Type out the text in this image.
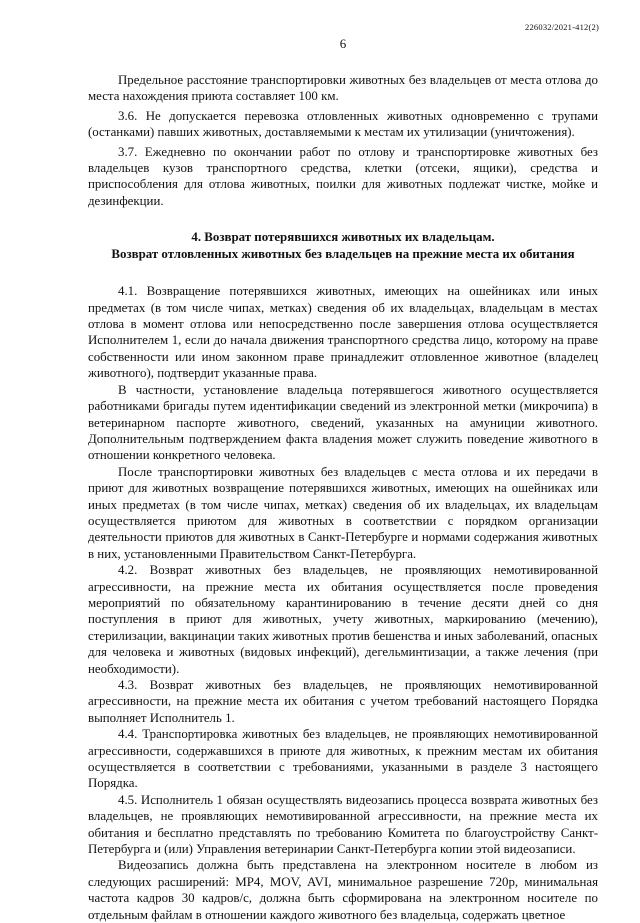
226032/2021-412(2)
6

Предельное расстояние транспортировки животных без владельцев от места отлова до места нахождения приюта составляет 100 км.

3.6. Не допускается перевозка отловленных животных одновременно с трупами (останками) павших животных, доставляемыми к местам их утилизации (уничтожения).

3.7. Ежедневно по окончании работ по отлову и транспортировке животных без владельцев кузов транспортного средства, клетки (отсеки, ящики), средства и приспособления для отлова животных, поилки для животных подлежат чистке, мойке и дезинфекции.

4. Возврат потерявшихся животных их владельцам.
Возврат отловленных животных без владельцев на прежние места их обитания

4.1. Возвращение потерявшихся животных, имеющих на ошейниках или иных предметах (в том числе чипах, метках) сведения об их владельцах, владельцам в местах отлова в момент отлова или непосредственно после завершения отлова осуществляется Исполнителем 1, если до начала движения транспортного средства лицо, которому на праве собственности или ином законном праве принадлежит отловленное животное (владелец животного), подтвердит указанные права.

В частности, установление владельца потерявшегося животного осуществляется работниками бригады путем идентификации сведений из электронной метки (микрочипа) в ветеринарном паспорте животного, сведений, указанных на амуниции животного. Дополнительным подтверждением факта владения может служить поведение животного в отношении конкретного человека.

После транспортировки животных без владельцев с места отлова и их передачи в приют для животных возвращение потерявшихся животных, имеющих на ошейниках или иных предметах (в том числе чипах, метках) сведения об их владельцах, их владельцам осуществляется приютом для животных в соответствии с порядком организации деятельности приютов для животных в Санкт-Петербурге и нормами содержания животных в них, установленными Правительством Санкт-Петербурга.

4.2. Возврат животных без владельцев, не проявляющих немотивированной агрессивности, на прежние места их обитания осуществляется после проведения мероприятий по обязательному карантинированию в течение десяти дней со дня поступления в приют для животных, учету животных, маркированию (мечению), стерилизации, вакцинации таких животных против бешенства и иных заболеваний, опасных для человека и животных (видовых инфекций), дегельминтизации, а также лечения (при необходимости).

4.3. Возврат животных без владельцев, не проявляющих немотивированной агрессивности, на прежние места их обитания с учетом требований настоящего Порядка выполняет Исполнитель 1.

4.4. Транспортировка животных без владельцев, не проявляющих немотивированной агрессивности, содержавшихся в приюте для животных, к прежним местам их обитания осуществляется в соответствии с требованиями, указанными в разделе 3 настоящего Порядка.

4.5. Исполнитель 1 обязан осуществлять видеозапись процесса возврата животных без владельцев, не проявляющих немотивированной агрессивности, на прежние места их обитания и бесплатно представлять по требованию Комитета по благоустройству Санкт-Петербурга и (или) Управления ветеринарии Санкт-Петербурга копии этой видеозаписи.

Видеозапись должна быть представлена на электронном носителе в любом из следующих расширений: MP4, MOV, AVI, минимальное разрешение 720р, минимальная частота кадров 30 кадров/с, должна быть сформирована на электронном носителе по отдельным файлам в отношении каждого животного без владельца, содержать цветное
